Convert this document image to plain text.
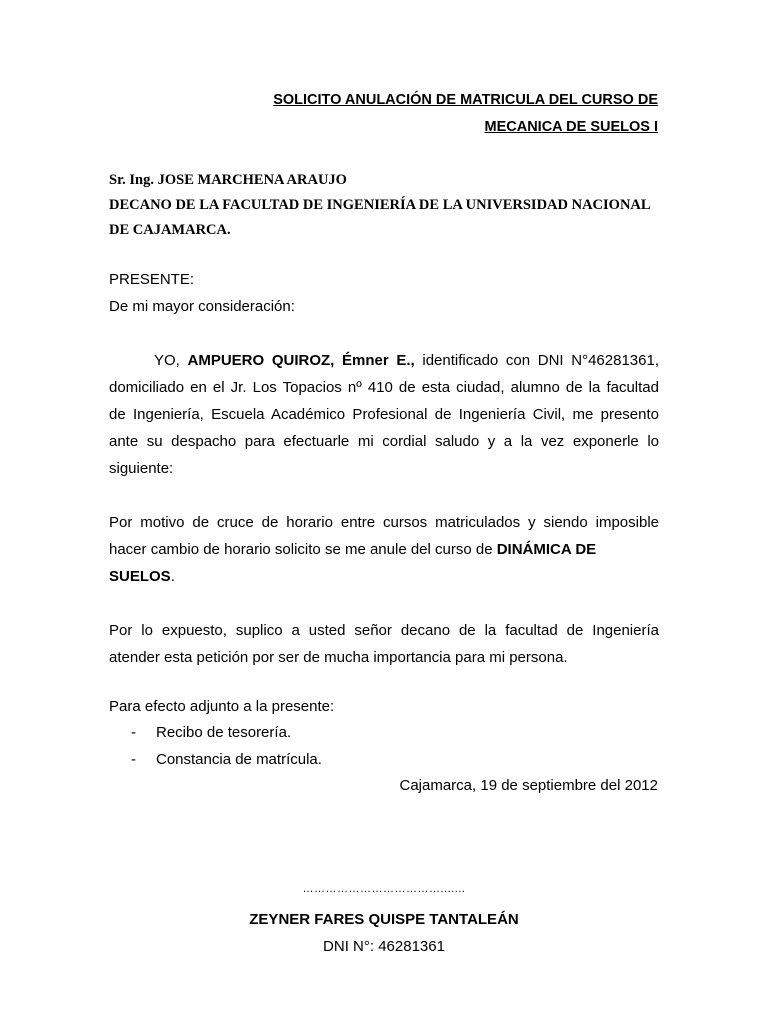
SOLICITO ANULACIÓN DE MATRICULA DEL CURSO DE
MECANICA DE SUELOS I
Sr. Ing. JOSE MARCHENA ARAUJO
DECANO DE LA FACULTAD DE INGENIERÍA DE LA UNIVERSIDAD NACIONAL
DE CAJAMARCA.
PRESENTE:
De mi mayor consideración:
YO, AMPUERO QUIROZ, Émner E., identificado con DNI N°46281361,
domiciliado en el Jr. Los Topacios nº 410 de esta ciudad, alumno de la facultad
de Ingeniería, Escuela Académico Profesional de Ingeniería Civil, me presento
ante su despacho para efectuarle mi cordial saludo y a la vez exponerle lo
siguiente:
Por motivo de cruce de horario entre cursos matriculados y siendo imposible
hacer cambio de horario solicito se me anule del curso de DINÁMICA DE
SUELOS.
Por lo expuesto, suplico a usted señor decano de la facultad de Ingeniería
atender esta petición por ser de mucha importancia para mi persona.
Para efecto adjunto a la presente:
- Recibo de tesorería.
- Constancia de matrícula.
Cajamarca, 19 de septiembre del 2012
……………………………….......
ZEYNER FARES QUISPE TANTALEÁN
DNI N°: 46281361
